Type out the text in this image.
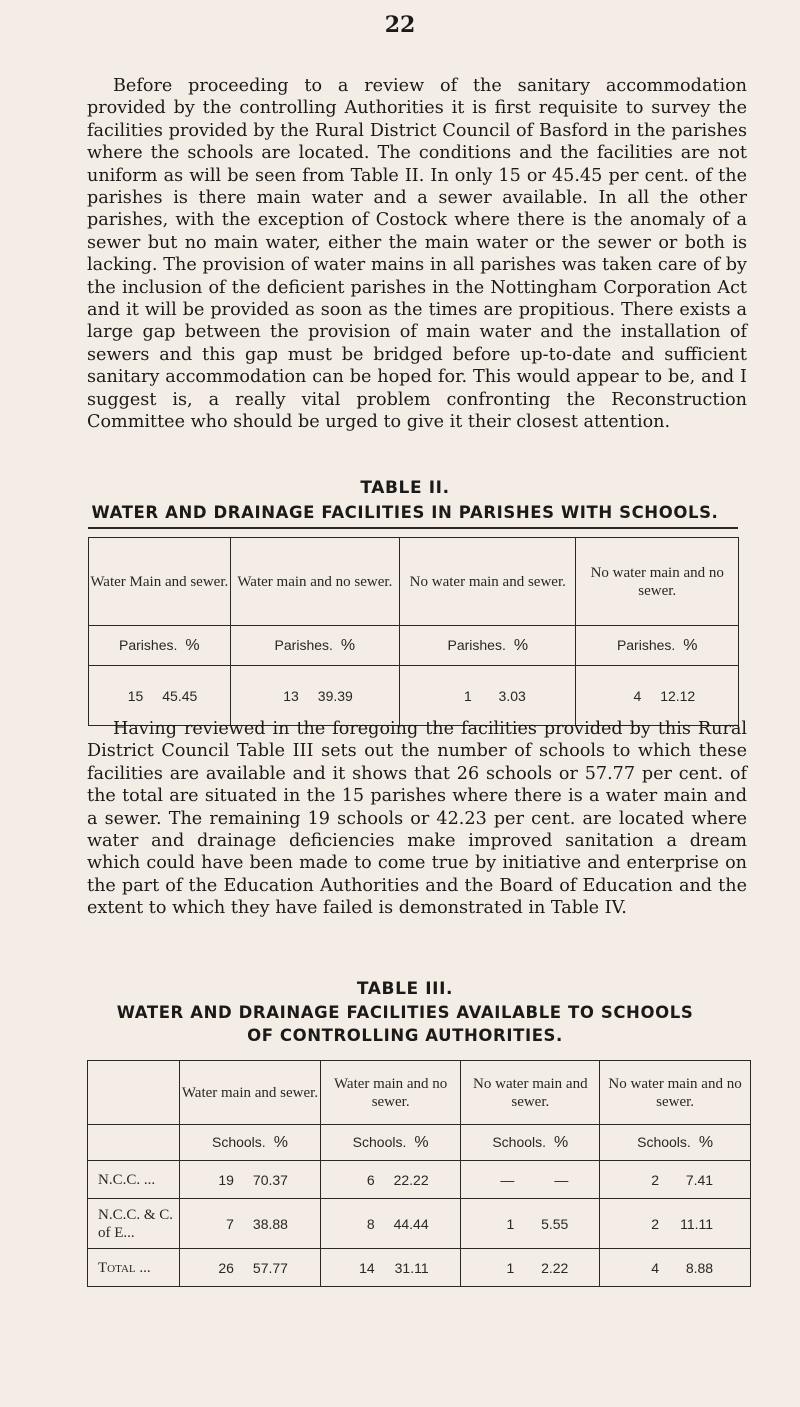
22

Before proceeding to a review of the sanitary accommodation provided by the controlling Authorities it is first requisite to survey the facilities provided by the Rural District Council of Basford in the parishes where the schools are located. The conditions and the facilities are not uniform as will be seen from Table II. In only 15 or 45.45 per cent. of the parishes is there main water and a sewer available. In all the other parishes, with the exception of Costock where there is the anomaly of a sewer but no main water, either the main water or the sewer or both is lacking. The provision of water mains in all parishes was taken care of by the inclusion of the deficient parishes in the Nottingham Corporation Act and it will be provided as soon as the times are propitious. There exists a large gap between the provision of main water and the installation of sewers and this gap must be bridged before up-to-date and sufficient sanitary accommodation can be hoped for. This would appear to be, and I suggest is, a really vital problem confronting the Reconstruction Committee who should be urged to give it their closest attention.

TABLE II.

WATER AND DRAINAGE FACILITIES IN PARISHES WITH SCHOOLS.

Water Main and sewer.	Water main and no sewer.	No water main and sewer.	No water main and no sewer.
Parishes. %	Parishes. %	Parishes. %	Parishes. %
15 45.45	13 39.39	1 3.03	4 12.12

Having reviewed in the foregoing the facilities provided by this Rural District Council Table III sets out the number of schools to which these facilities are available and it shows that 26 schools or 57.77 per cent. of the total are situated in the 15 parishes where there is a water main and a sewer. The remaining 19 schools or 42.23 per cent. are located where water and drainage deficiencies make improved sanitation a dream which could have been made to come true by initiative and enterprise on the part of the Education Authorities and the Board of Education and the extent to which they have failed is demonstrated in Table IV.

TABLE III.

WATER AND DRAINAGE FACILITIES AVAILABLE TO SCHOOLS

OF CONTROLLING AUTHORITIES.

	Water main and sewer.	Water main and no sewer.	No water main and sewer.	No water main and no sewer.
	Schools. %	Schools. %	Schools. %	Schools. %
N.C.C. ...	19 70.37	6 22.22	— —	2 7.41
N.C.C. & C. of E...	7 38.88	8 44.44	1 5.55	2 11.11
Total ...	26 57.77	14 31.11	1 2.22	4 8.88
